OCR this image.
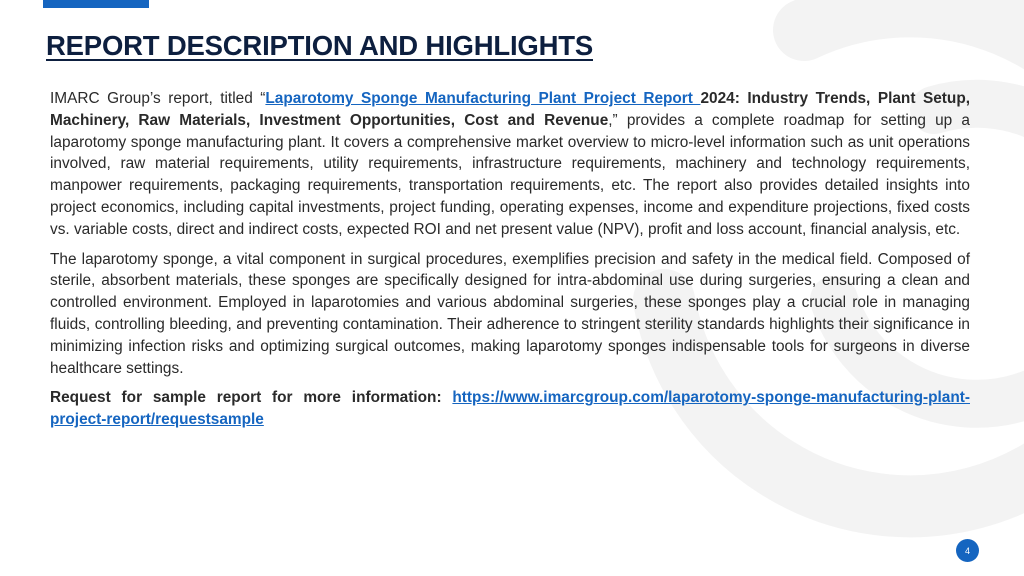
REPORT DESCRIPTION AND HIGHLIGHTS

IMARC Group’s report, titled “Laparotomy Sponge Manufacturing Plant Project Report 2024: Industry Trends, Plant Setup, Machinery, Raw Materials, Investment Opportunities, Cost and Revenue,” provides a complete roadmap for setting up a laparotomy sponge manufacturing plant. It covers a comprehensive market overview to micro-level information such as unit operations involved, raw material requirements, utility requirements, infrastructure requirements, machinery and technology requirements, manpower requirements, packaging requirements, transportation requirements, etc. The report also provides detailed insights into project economics, including capital investments, project funding, operating expenses, income and expenditure projections, fixed costs vs. variable costs, direct and indirect costs, expected ROI and net present value (NPV), profit and loss account, financial analysis, etc.

The laparotomy sponge, a vital component in surgical procedures, exemplifies precision and safety in the medical field. Composed of sterile, absorbent materials, these sponges are specifically designed for intra-abdominal use during surgeries, ensuring a clean and controlled environment. Employed in laparotomies and various abdominal surgeries, these sponges play a crucial role in managing fluids, controlling bleeding, and preventing contamination. Their adherence to stringent sterility standards highlights their significance in minimizing infection risks and optimizing surgical outcomes, making laparotomy sponges indispensable tools for surgeons in diverse healthcare settings.

Request for sample report for more information: https://www.imarcgroup.com/laparotomy-sponge-manufacturing-plant-project-report/requestsample

4
